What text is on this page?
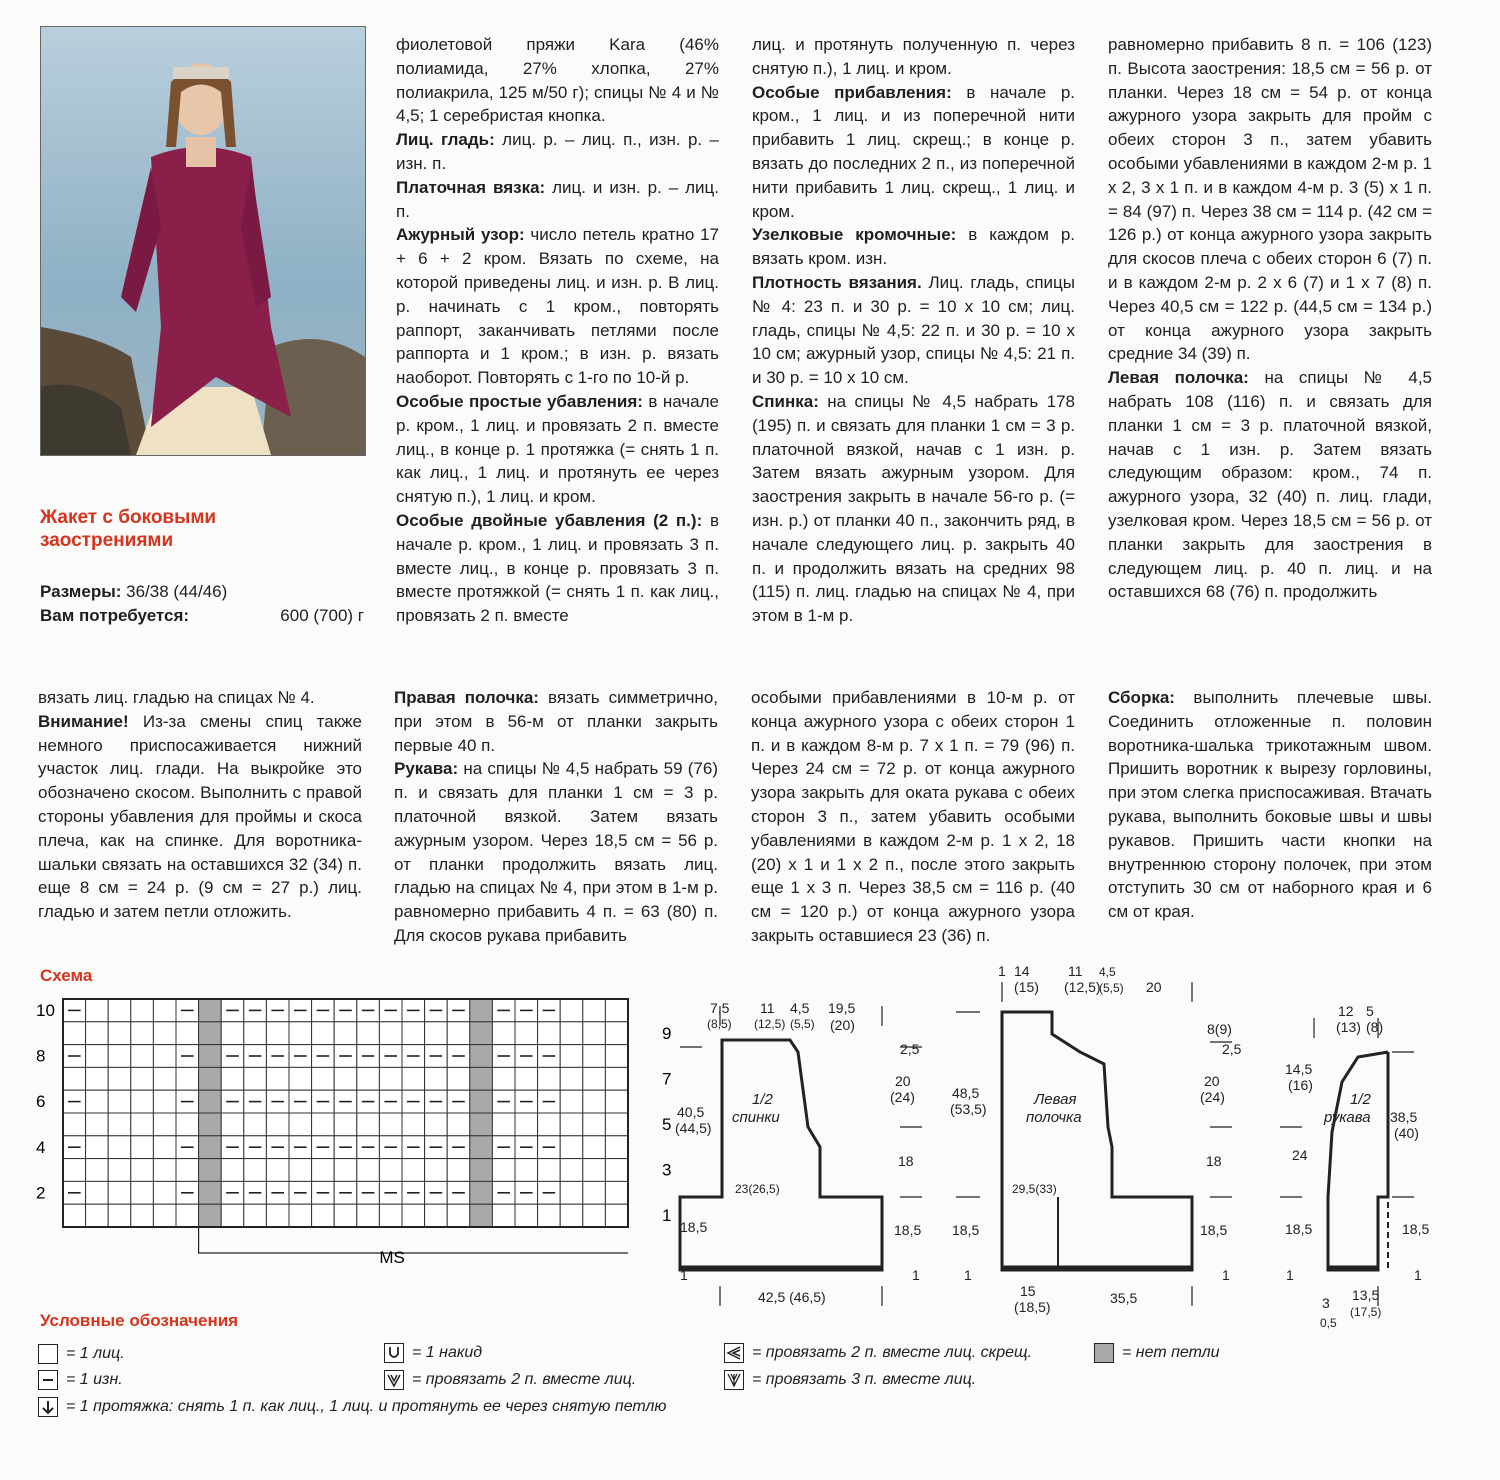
Жакет с боковыми заострениями
Размеры: 36/38 (44/46)
Вам потребуется:	600 (700) г

фиолетовой пряжи Kara (46% полиамида, 27% хлопка, 27% полиакрила, 125 м/50 г); спицы № 4 и № 4,5; 1 серебристая кнопка.

Лиц. гладь: лиц. р. – лиц. п., изн. р. – изн. п.

Платочная вязка: лиц. и изн. р. – лиц. п.

Ажурный узор: число петель кратно 17 + 6 + 2 кром. Вязать по схеме, на которой приведены лиц. и изн. р. В лиц. р. начинать с 1 кром., повторять раппорт, заканчивать петлями после раппорта и 1 кром.; в изн. р. вязать наоборот. Повторять с 1-го по 10-й р.

Особые простые убавления: в начале р. кром., 1 лиц. и провязать 2 п. вместе лиц., в конце р. 1 протяжка (= снять 1 п. как лиц., 1 лиц. и протянуть ее через снятую п.), 1 лиц. и кром.

Особые двойные убавления (2 п.): в начале р. кром., 1 лиц. и провязать 3 п. вместе лиц., в конце р. провязать 3 п. вместе протяжкой (= снять 1 п. как лиц., провязать 2 п. вместе

лиц. и протянуть полученную п. через снятую п.), 1 лиц. и кром.

Особые прибавления: в начале р. кром., 1 лиц. и из поперечной нити прибавить 1 лиц. скрещ.; в конце р. вязать до последних 2 п., из поперечной нити прибавить 1 лиц. скрещ., 1 лиц. и кром.

Узелковые кромочные: в каждом р. вязать кром. изн.

Плотность вязания. Лиц. гладь, спицы № 4: 23 п. и 30 р. = 10 х 10 см; лиц. гладь, спицы № 4,5: 22 п. и 30 р. = 10 х 10 см; ажурный узор, спицы № 4,5: 21 п. и 30 р. = 10 х 10 см.

Спинка: на спицы № 4,5 набрать 178 (195) п. и связать для планки 1 см = 3 р. платочной вязкой, начав с 1 изн. р. Затем вязать ажурным узором. Для заострения закрыть в начале 56-го р. (= изн. р.) от планки 40 п., закончить ряд, в начале следующего лиц. р. закрыть 40 п. и продолжить вязать на средних 98 (115) п. лиц. гладью на спицах № 4, при этом в 1-м р.

равномерно прибавить 8 п. = 106 (123) п. Высота заострения: 18,5 см = 56 р. от планки. Через 18 см = 54 р. от конца ажурного узора закрыть для пройм с обеих сторон 3 п., затем убавить особыми убавлениями в каждом 2-м р. 1 х 2, 3 х 1 п. и в каждом 4-м р. 3 (5) х 1 п. = 84 (97) п. Через 38 см = 114 р. (42 см = 126 р.) от конца ажурного узора закрыть для скосов плеча с обеих сторон 6 (7) п. и в каждом 2-м р. 2 х 6 (7) и 1 х 7 (8) п. Через 40,5 см = 122 р. (44,5 см = 134 р.) от конца ажурного узора закрыть средние 34 (39) п.

Левая полочка: на спицы № 4,5 набрать 108 (116) п. и связать для планки 1 см = 3 р. платочной вязкой, начав с 1 изн. р. Затем вязать следующим образом: кром., 74 п. ажурного узора, 32 (40) п. лиц. глади, узелковая кром. Через 18,5 см = 56 р. от планки закрыть для заострения в следующем лиц. р. 40 п. лиц. и на оставшихся 68 (76) п. продолжить

вязать лиц. гладью на спицах № 4.

Внимание! Из-за смены спиц также немного приспосаживается нижний участок лиц. глади. На выкройке это обозначено скосом. Выполнить с правой стороны убавления для проймы и скоса плеча, как на спинке. Для воротника-шальки связать на оставшихся 32 (34) п. еще 8 см = 24 р. (9 см = 27 р.) лиц. гладью и затем петли отложить.

Правая полочка: вязать симметрично, при этом в 56-м от планки закрыть первые 40 п.

Рукава: на спицы № 4,5 набрать 59 (76) п. и связать для планки 1 см = 3 р. платочной вязкой. Затем вязать ажурным узором. Через 18,5 см = 56 р. от планки продолжить вязать лиц. гладью на спицах № 4, при этом в 1-м р. равномерно прибавить 4 п. = 63 (80) п. Для скосов рукава прибавить

особыми прибавлениями в 10-м р. от конца ажурного узора с обеих сторон 1 п. и в каждом 8-м р. 7 х 1 п. = 79 (96) п. Через 24 см = 72 р. от конца ажурного узора закрыть для оката рукава с обеих сторон 3 п., затем убавить особыми убавлениями в каждом 2-м р. 1 х 2, 18 (20) х 1 и 1 х 2 п., после этого закрыть еще 1 х 3 п. Через 38,5 см = 116 р. (40 см = 120 р.) от конца ажурного узора закрыть оставшиеся 23 (36) п.

Сборка: выполнить плечевые швы. Соединить отложенные п. половин воротника-шалька трикотажным швом. Пришить воротник к вырезу горловины, при этом слегка приспосаживая. Втачать рукава, выполнить боковые швы и швы рукавов. Пришить части кнопки на внутреннюю сторону полочек, при этом отступить 30 см от наборного края и 6 см от края.

Схема
10
8
6
4
2
9
7
5
3
1
MS
7,5
(8,5)
11
(12,5)
4,5
(5,5)
19,5
(20)
1/2
спинки
40,5
(44,5)
23(26,5)
18,5
2,5
20
(24)
18
18,5
1	1
42,5 (46,5)
1 14
(15)
11
(12,5)
4,5
(5,5) 20
Левая
полочка
48,5
(53,5)
29,5(33)
18,5
1	1
15
(18,5)
35,5
8(9)
2,5
20
(24)
18
18,5
12
(13)
5
(8)
1/2
рукава 38,5
(40)
14,5
(16)
24
18,5	18,5
1	1
3 13,5
(17,5)
0,5
Условные обозначения
= 1 лиц.
= 1 изн.
= 1 протяжка: снять 1 п. как лиц., 1 лиц. и протянуть ее через снятую петлю
= 1 накид
= провязать 2 п. вместе лиц.
= провязать 2 п. вместе лиц. скрещ.
= провязать 3 п. вместе лиц.
= нет петли
